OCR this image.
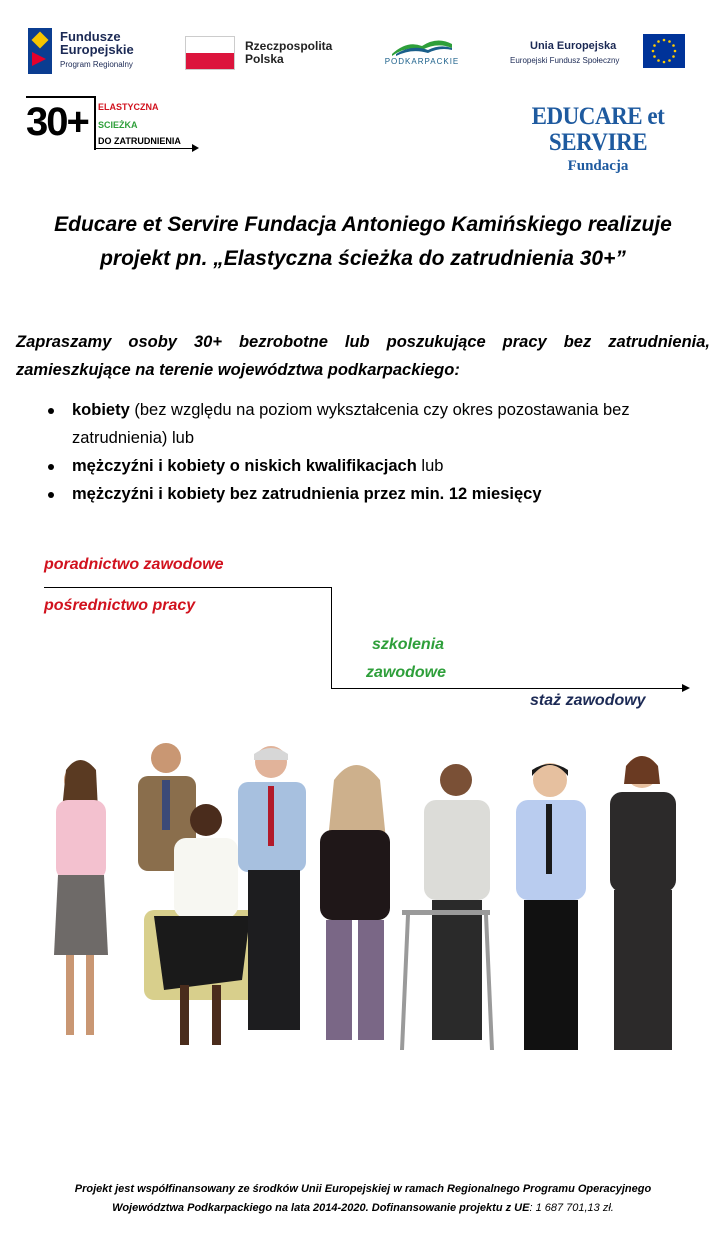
Fundusze
Europejskie
Program Regionalny
Rzeczpospolita
Polska	PODKARPACKIE
Unia Europejska
Europejski Fundusz Społeczny
30+ ELASTYCZNA
SCIEŻKA
DO ZATRUDNIENIA
EDUCARE et SERVIRE
Fundacja
Educare et Servire Fundacja Antoniego Kamińskiego realizuje
projekt pn. „Elastyczna ścieżka do zatrudnienia 30+”
Zapraszamy osoby 30+ bezrobotne lub poszukujące pracy bez zatrudnienia, zamieszkujące na terenie województwa podkarpackiego:
kobiety (bez względu na poziom wykształcenia czy okres pozostawania bez zatrudnienia) lub
mężczyźni i kobiety o niskich kwalifikacjach lub
mężczyźni i kobiety bez zatrudnienia przez min. 12 miesięcy
poradnictwo zawodowe
pośrednictwo pracy
szkolenia
zawodowe
staż zawodowy
Projekt jest współfinansowany ze środków Unii Europejskiej w ramach Regionalnego Programu Operacyjnego
Województwa Podkarpackiego na lata 2014-2020. Dofinansowanie projektu z UE: 1 687 701,13 zł.
